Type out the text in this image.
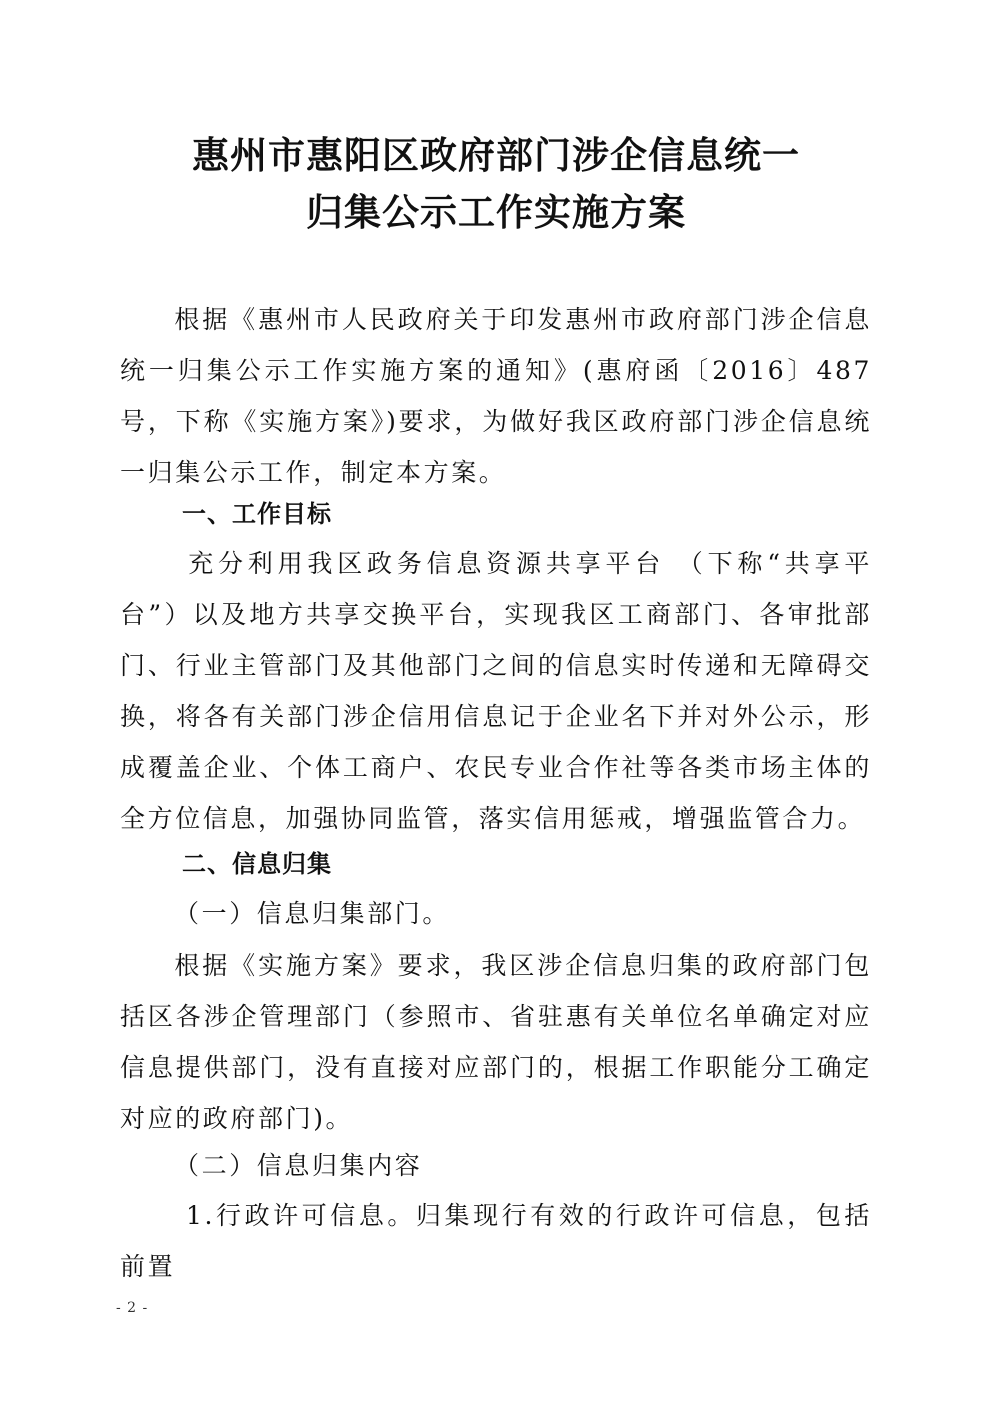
惠州市惠阳区政府部门涉企信息统一
归集公示工作实施方案

根据《惠州市人民政府关于印发惠州市政府部门涉企信息统一归集公示工作实施方案的通知》(惠府函〔2016〕487号，下称《实施方案》)要求，为做好我区政府部门涉企信息统一归集公示工作，制定本方案。

一、工作目标

充分利用我区政务信息资源共享平台 （下称“共享平台”）以及地方共享交换平台，实现我区工商部门、各审批部门、行业主管部门及其他部门之间的信息实时传递和无障碍交换，将各有关部门涉企信用信息记于企业名下并对外公示，形成覆盖企业、个体工商户、农民专业合作社等各类市场主体的全方位信息，加强协同监管，落实信用惩戒，增强监管合力。

二、信息归集
（一）信息归集部门。

根据《实施方案》要求，我区涉企信息归集的政府部门包括区各涉企管理部门（参照市、省驻惠有关单位名单确定对应信息提供部门，没有直接对应部门的，根据工作职能分工确定对应的政府部门)。

（二）信息归集内容

1.行政许可信息。归集现行有效的行政许可信息，包括前置

- 2 -
